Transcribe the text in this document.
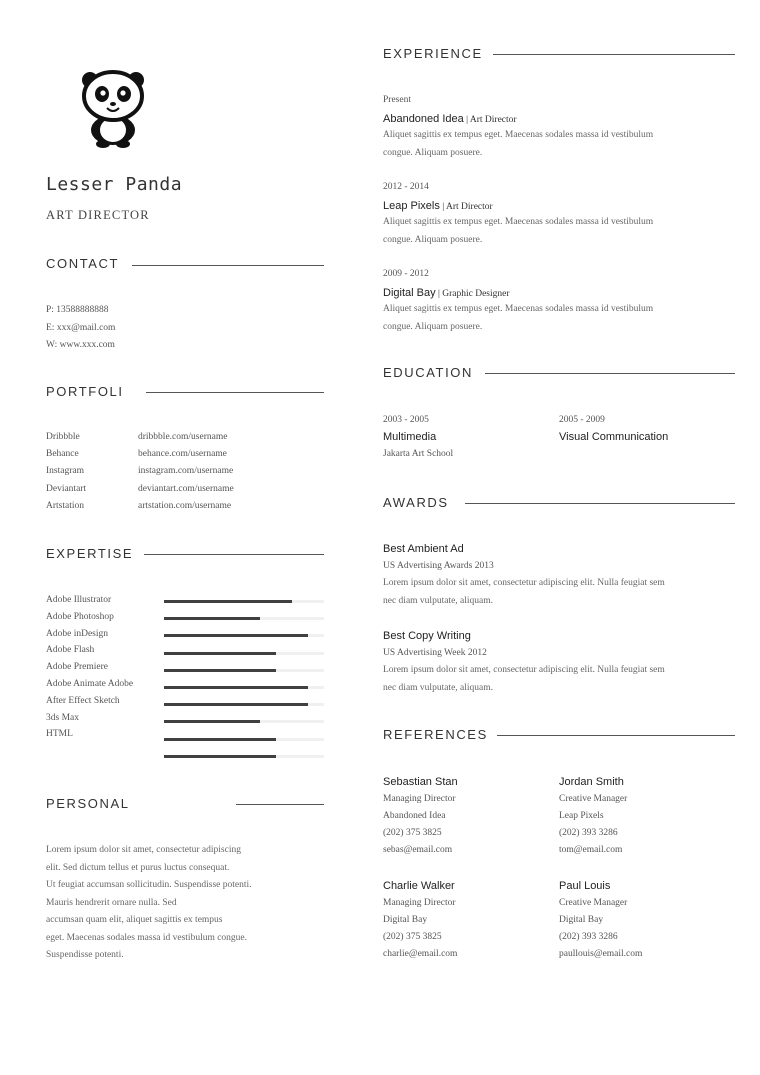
Lesser Panda
ART DIRECTOR
CONTACT
P: 13588888888
E: xxx@mail.com
W: www.xxx.com
PORTFOLI
Dribbble	dribbble.com/username
Behance	behance.com/username
Instagram	instagram.com/username
Deviantart	deviantart.com/username
Artstation	artstation.com/username
EXPERTISE
Adobe Illustrator
Adobe Photoshop
Adobe inDesign
Adobe Flash
Adobe Premiere
Adobe Animate Adobe
After Effect Sketch
3ds Max
HTML
PERSONAL
Lorem ipsum dolor sit amet, consectetur adipiscing
elit. Sed dictum tellus et purus luctus consequat.
Ut feugiat accumsan sollicitudin. Suspendisse potenti.
Mauris hendrerit ornare nulla. Sed
accumsan quam elit, aliquet sagittis ex tempus
eget. Maecenas sodales massa id vestibulum congue.
Suspendisse potenti.
EXPERIENCE
Present
Abandoned Idea | Art Director
Aliquet sagittis ex tempus eget. Maecenas sodales massa id vestibulum
congue. Aliquam posuere.
2012 - 2014
Leap Pixels | Art Director
Aliquet sagittis ex tempus eget. Maecenas sodales massa id vestibulum
congue. Aliquam posuere.
2009 - 2012
Digital Bay | Graphic Designer
Aliquet sagittis ex tempus eget. Maecenas sodales massa id vestibulum
congue. Aliquam posuere.
EDUCATION
2003 - 2005
Multimedia
Jakarta Art School
2005 - 2009
Visual Communication
AWARDS
Best Ambient Ad
US Advertising Awards 2013
Lorem ipsum dolor sit amet, consectetur adipiscing elit. Nulla feugiat sem
nec diam vulputate, aliquam.
Best Copy Writing
US Advertising Week 2012
Lorem ipsum dolor sit amet, consectetur adipiscing elit. Nulla feugiat sem
nec diam vulputate, aliquam.
REFERENCES
Sebastian Stan
Managing Director
Abandoned Idea
(202) 375 3825
sebas@email.com
Jordan Smith
Creative Manager
Leap Pixels
(202) 393 3286
tom@email.com
Charlie Walker
Managing Director
Digital Bay
(202) 375 3825
charlie@email.com
Paul Louis
Creative Manager
Digital Bay
(202) 393 3286
paullouis@email.com
